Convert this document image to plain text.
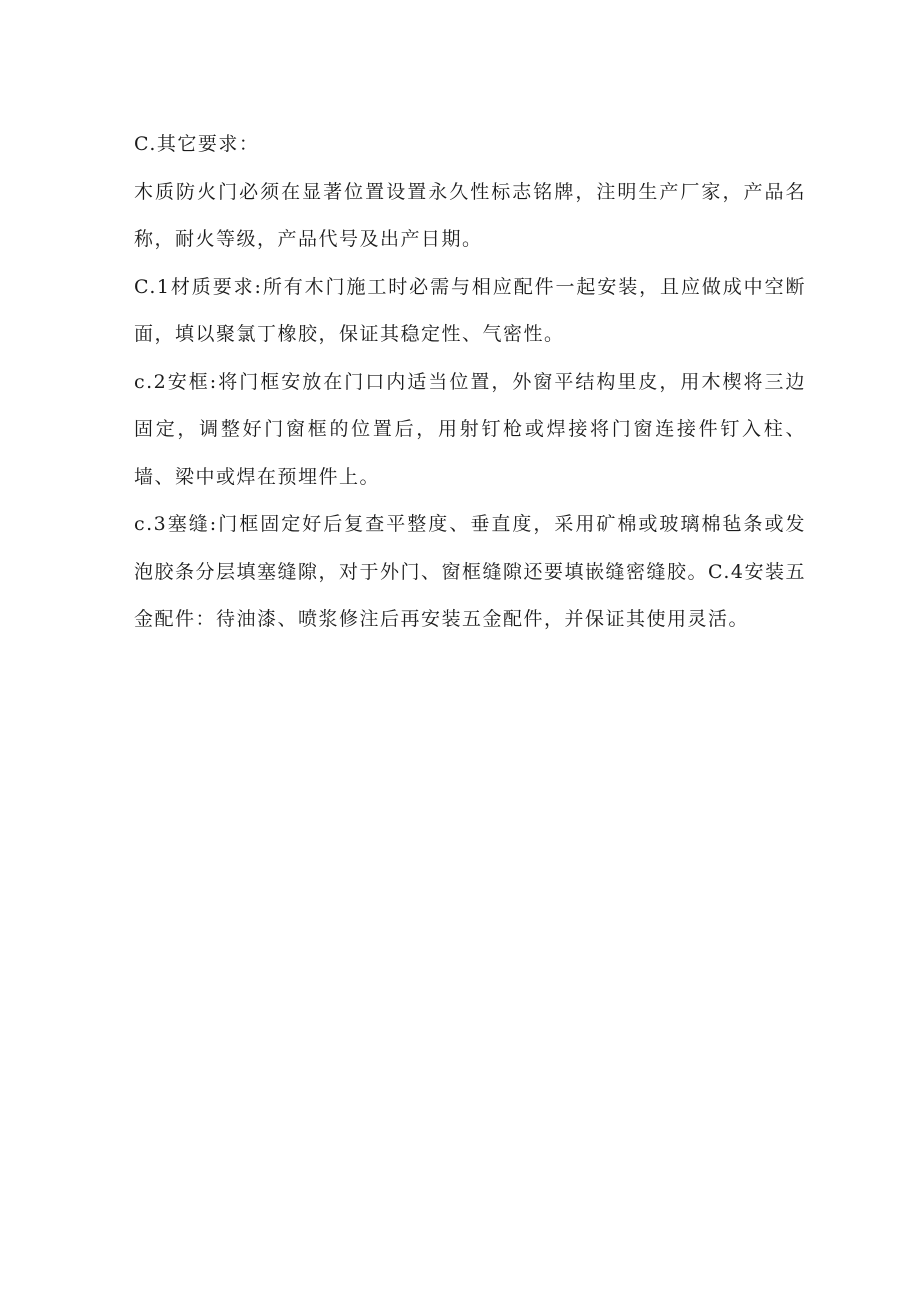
C.其它要求：

木质防火门必须在显著位置设置永久性标志铭牌，注明生产厂家，产品名称，耐火等级，产品代号及出产日期。

C.1材质要求:所有木门施工时必需与相应配件一起安装，且应做成中空断面，填以聚氯丁橡胶，保证其稳定性、气密性。

c.2安框:将门框安放在门口内适当位置，外窗平结构里皮，用木楔将三边固定，调整好门窗框的位置后，用射钉枪或焊接将门窗连接件钉入柱、墙、梁中或焊在预埋件上。

c.3塞缝:门框固定好后复查平整度、垂直度，采用矿棉或玻璃棉毡条或发泡胶条分层填塞缝隙，对于外门、窗框缝隙还要填嵌缝密缝胶。C.4安装五金配件：待油漆、喷浆修注后再安装五金配件，并保证其使用灵活。
